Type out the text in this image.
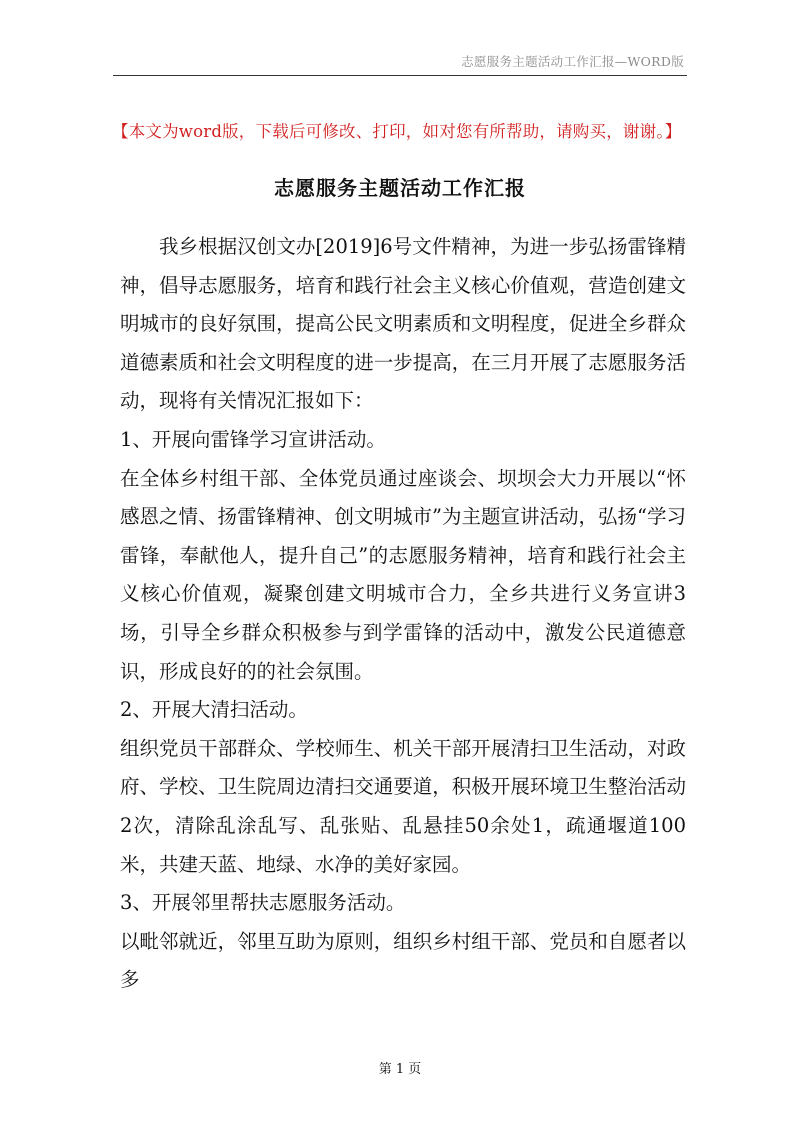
志愿服务主题活动工作汇报—WORD版
【本文为word版，下载后可修改、打印，如对您有所帮助，请购买，谢谢。】
志愿服务主题活动工作汇报

我乡根据汉创文办[2019]6号文件精神，为进一步弘扬雷锋精神，倡导志愿服务，培育和践行社会主义核心价值观，营造创建文明城市的良好氛围，提高公民文明素质和文明程度，促进全乡群众道德素质和社会文明程度的进一步提高，在三月开展了志愿服务活动，现将有关情况汇报如下：

1、开展向雷锋学习宣讲活动。

在全体乡村组干部、全体党员通过座谈会、坝坝会大力开展以“怀感恩之情、扬雷锋精神、创文明城市”为主题宣讲活动，弘扬“学习雷锋，奉献他人，提升自己”的志愿服务精神，培育和践行社会主义核心价值观，凝聚创建文明城市合力，全乡共进行义务宣讲3场，引导全乡群众积极参与到学雷锋的活动中，激发公民道德意识，形成良好的的社会氛围。

2、开展大清扫活动。

组织党员干部群众、学校师生、机关干部开展清扫卫生活动，对政府、学校、卫生院周边清扫交通要道，积极开展环境卫生整治活动2次，清除乱涂乱写、乱张贴、乱悬挂50余处1，疏通堰道100米，共建天蓝、地绿、水净的美好家园。

3、开展邻里帮扶志愿服务活动。

以毗邻就近，邻里互助为原则，组织乡村组干部、党员和自愿者以多

第 1 页
